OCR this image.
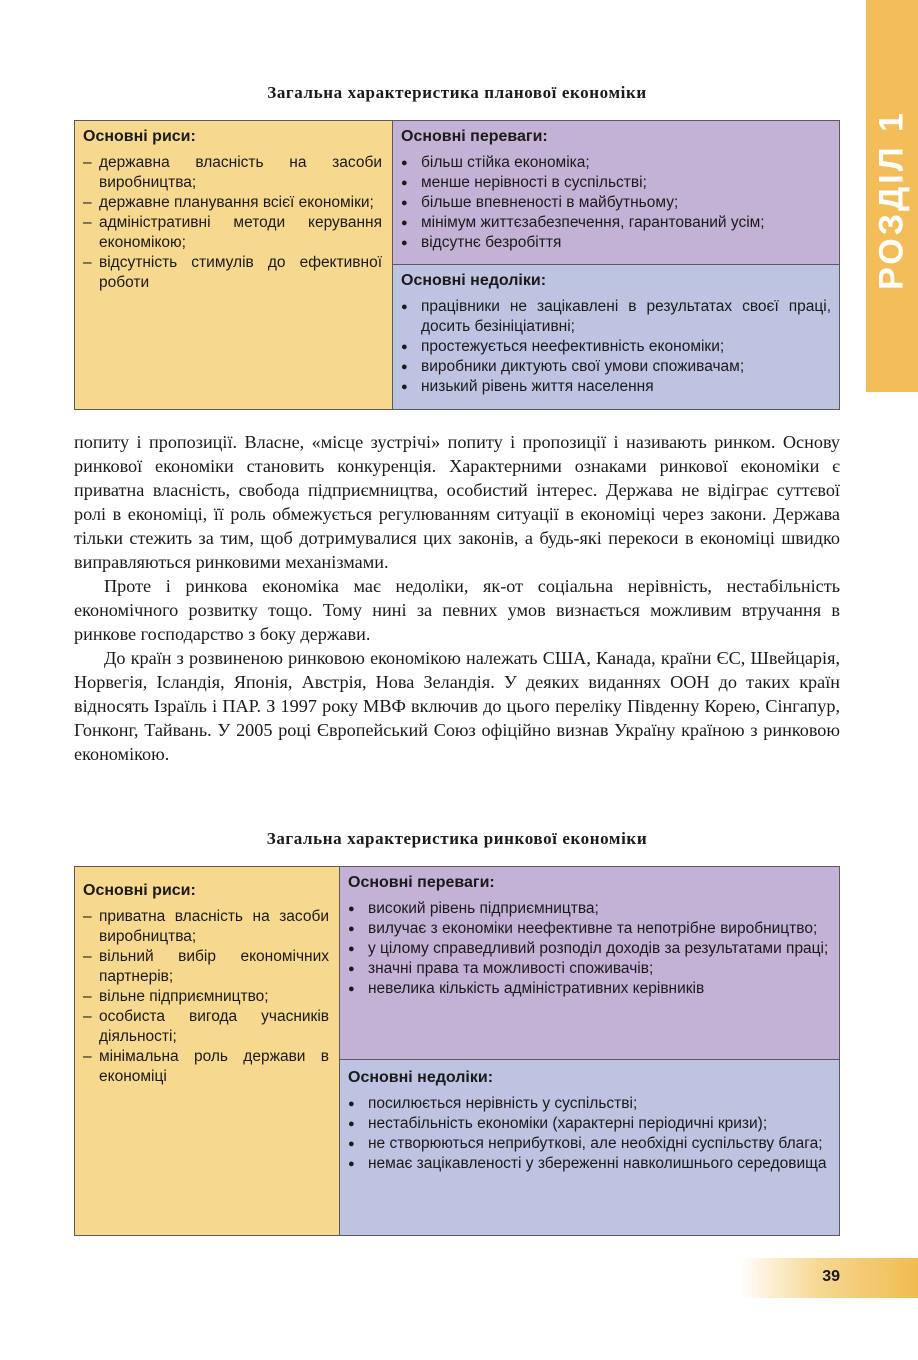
РОЗДІЛ 1
Загальна характеристика планової економіки
Основні риси:
– державна власність на засоби виробництва;
– державне планування всієї економіки;
– адміністративні методи керування економікою;
– відсутність стимулів до ефективної роботи
Основні переваги:
● більш стійка економіка;
● менше нерівності в суспільстві;
● більше впевненості в майбутньому;
● мінімум життєзабезпечення, гарантований усім;
● відсутнє безробіття
Основні недоліки:
● працівники не зацікавлені в результатах своєї праці, досить безініціативні;
● простежується неефективність економіки;
● виробники диктують свої умови споживачам;
● низький рівень життя населення

попиту і пропозиції. Власне, «місце зустрічі» попиту і пропозиції і називають ринком. Основу ринкової економіки становить конкуренція. Характерними ознаками ринкової економіки є приватна власність, свобода підприємництва, особистий інтерес. Держава не відіграє суттєвої ролі в економіці, її роль обмежується регулюванням ситуації в економіці через закони. Держава тільки стежить за тим, щоб дотримувалися цих законів, а будь-які перекоси в економіці швидко виправляються ринковими механізмами.

Проте і ринкова економіка має недоліки, як-от соціальна нерівність, нестабільність економічного розвитку тощо. Тому нині за певних умов визнається можливим втручання в ринкове господарство з боку держави.

До країн з розвиненою ринковою економікою належать США, Канада, країни ЄС, Швейцарія, Норвегія, Ісландія, Японія, Австрія, Нова Зеландія. У деяких виданнях ООН до таких країн відносять Ізраїль і ПАР. З 1997 року МВФ включив до цього переліку Південну Корею, Сінгапур, Гонконг, Тайвань. У 2005 році Європейський Союз офіційно визнав Україну країною з ринковою економікою.

Загальна характеристика ринкової економіки
Основні риси:
– приватна власність на засоби виробництва;
– вільний вибір економічних партнерів;
– вільне підприємництво;
– особиста вигода учасників діяльності;
– мінімальна роль держави в економіці
Основні переваги:
● високий рівень підприємництва;
● вилучає з економіки неефективне та непотрібне виробництво;
● у цілому справедливий розподіл доходів за результатами праці;
● значні права та можливості споживачів;
● невелика кількість адміністративних керівників
Основні недоліки:
● посилюється нерівність у суспільстві;
● нестабільність економіки (характерні періодичні кризи);
● не створюються неприбуткові, але необхідні суспільству блага;
● немає зацікавленості у збереженні навколишнього середовища
39
